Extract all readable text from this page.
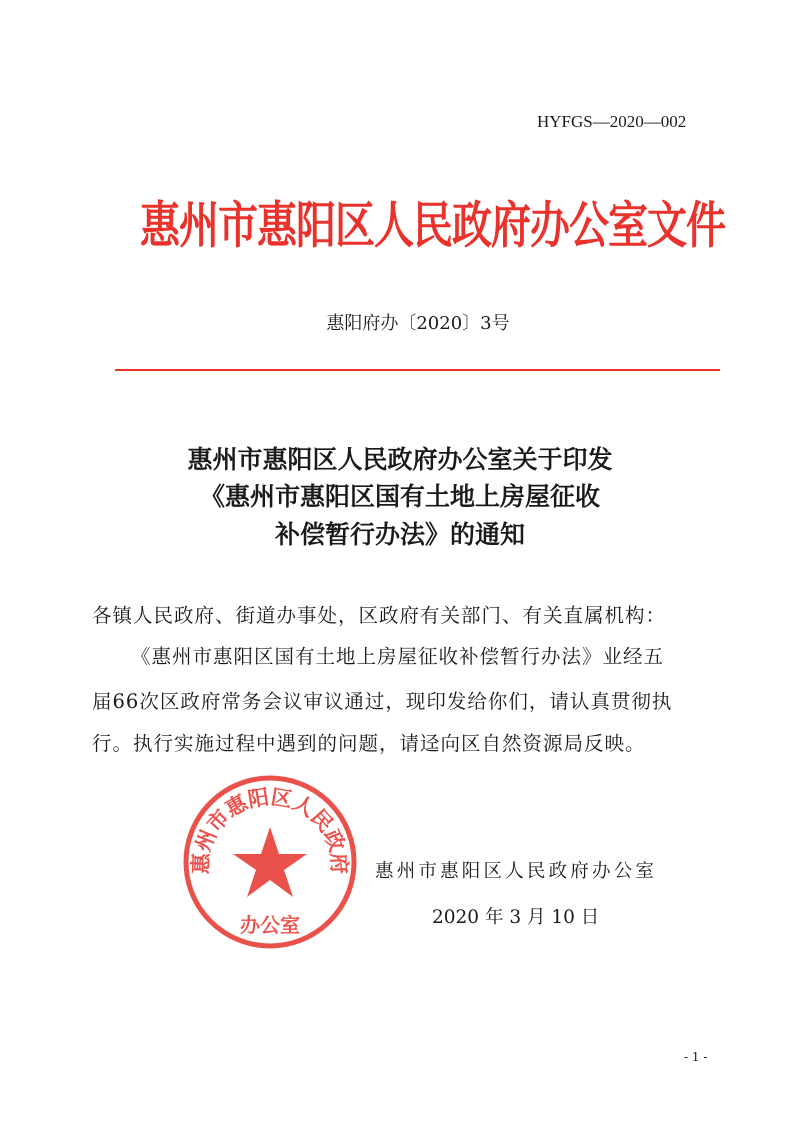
HYFGS—2020—002
惠州市惠阳区人民政府办公室文件
惠阳府办〔2020〕3号
惠州市惠阳区人民政府办公室关于印发
《惠州市惠阳区国有土地上房屋征收
补偿暂行办法》的通知
各镇人民政府、街道办事处，区政府有关部门、有关直属机构：
《惠州市惠阳区国有土地上房屋征收补偿暂行办法》业经五
届66次区政府常务会议审议通过，现印发给你们，请认真贯彻执
行。执行实施过程中遇到的问题，请迳向区自然资源局反映。
惠州市惠阳区人民政府
办公室
惠州市惠阳区人民政府办公室
2020 年 3 月 10 日
- 1 -
